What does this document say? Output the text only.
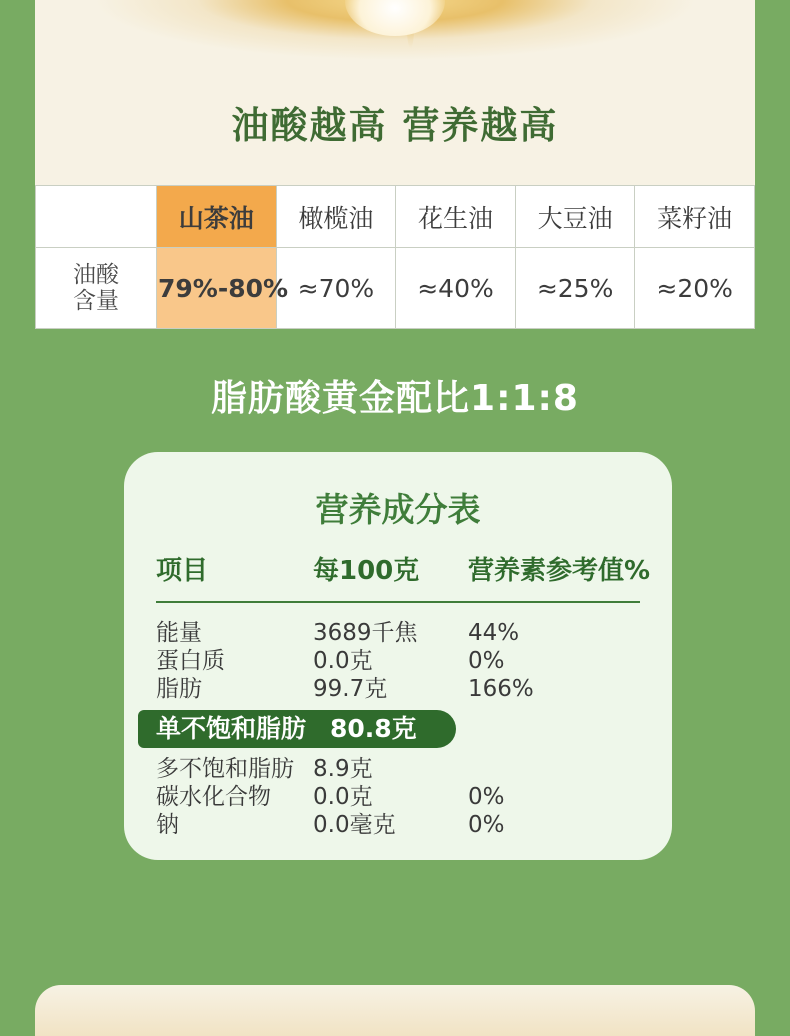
油酸越高 营养越高
	山茶油	橄榄油	花生油	大豆油	菜籽油

油酸
含量	79%-80%	≈70%	≈40%	≈25%	≈20%
脂肪酸黄金配比1:1:8
营养成分表
项目	每100克	营养素参考值%
能量	3689千焦	44%
蛋白质	0.0克	0%
脂肪	99.7克	166%
单不饱和脂肪 80.8克
多不饱和脂肪 8.9克
碳水化合物	0.0克	0%
钠	0.0毫克	0%
